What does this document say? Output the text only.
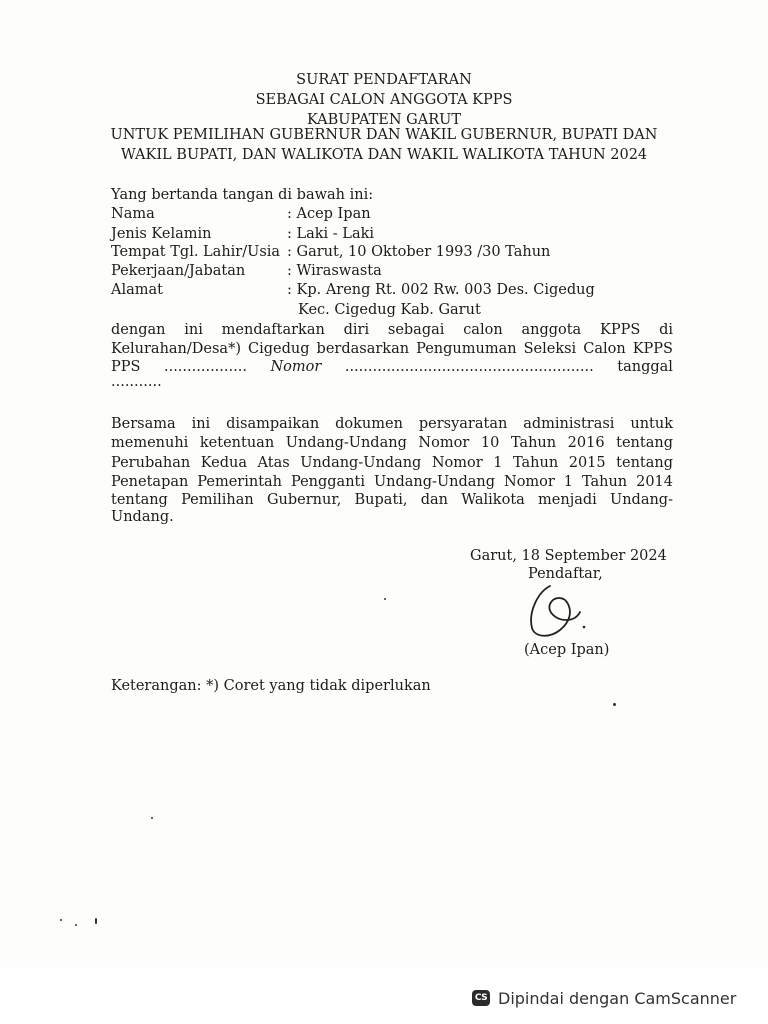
SURAT PENDAFTARAN
SEBAGAI CALON ANGGOTA KPPS
KABUPATEN GARUT
UNTUK PEMILIHAN GUBERNUR DAN WAKIL GUBERNUR, BUPATI DAN
WAKIL BUPATI, DAN WALIKOTA DAN WAKIL WALIKOTA TAHUN 2024
Yang bertanda tangan di bawah ini:
Nama	: Acep Ipan
Jenis Kelamin	: Laki - Laki
Tempat Tgl. Lahir/Usia : Garut, 10 Oktober 1993 /30 Tahun
Pekerjaan/Jabatan	: Wiraswasta
Alamat	: Kp. Areng Rt. 002 Rw. 003 Des. Cigedug
Kec. Cigedug Kab. Garut
dengan ini mendaftarkan diri sebagai calon anggota KPPS di
Kelurahan/Desa*) Cigedug berdasarkan Pengumuman Seleksi Calon KPPS
PPS .................. Nomor ...................................................... tanggal
...........
Bersama ini disampaikan dokumen persyaratan administrasi untuk
memenuhi ketentuan Undang-Undang Nomor 10 Tahun 2016 tentang
Perubahan Kedua Atas Undang-Undang Nomor 1 Tahun 2015 tentang
Penetapan Pemerintah Pengganti Undang-Undang Nomor 1 Tahun 2014
tentang Pemilihan Gubernur, Bupati, dan Walikota menjadi Undang-
Undang.
Garut, 18 September 2024
Pendaftar,
(Acep Ipan)
Keterangan: *) Coret yang tidak diperlukan
CS Dipindai dengan CamScanner
